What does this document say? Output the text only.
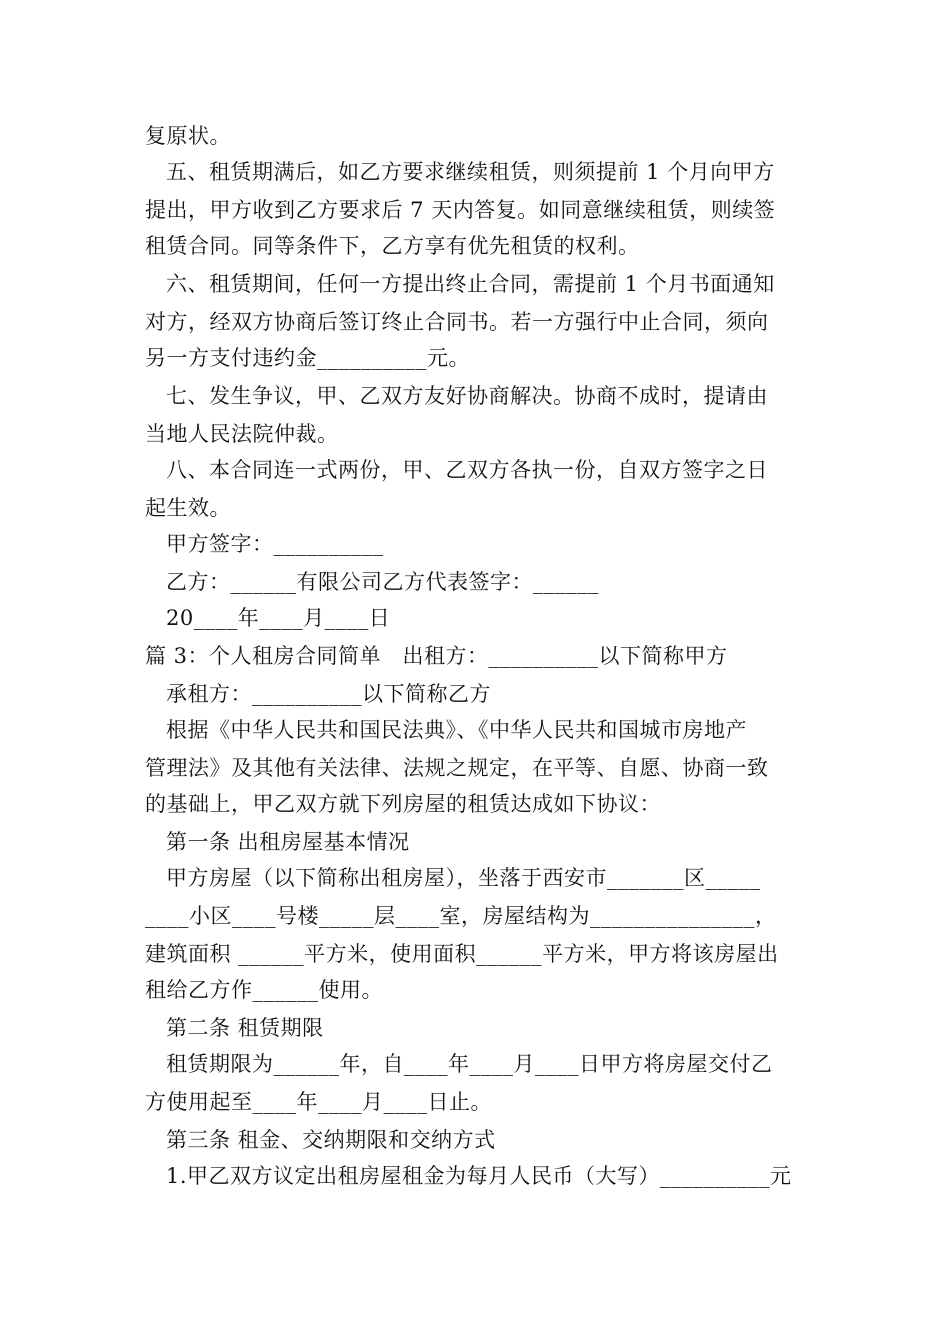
复原状。
五、租赁期满后，如乙方要求继续租赁，则须提前 1 个月向甲方
提出，甲方收到乙方要求后 7 天内答复。如同意继续租赁，则续签
租赁合同。同等条件下，乙方享有优先租赁的权利。
六、租赁期间，任何一方提出终止合同，需提前 1 个月书面通知
对方，经双方协商后签订终止合同书。若一方强行中止合同，须向
另一方支付违约金__________元。
七、发生争议，甲、乙双方友好协商解决。协商不成时，提请由
当地人民法院仲裁。
八、本合同连一式两份，甲、乙双方各执一份，自双方签字之日
起生效。
甲方签字：__________
乙方：______有限公司乙方代表签字：______
20____年____月____日
篇 3：个人租房合同简单　出租方：__________以下简称甲方
承租方：__________以下简称乙方
根据《中华人民共和国民法典》、《中华人民共和国城市房地产
管理法》及其他有关法律、法规之规定，在平等、自愿、协商一致
的基础上，甲乙双方就下列房屋的租赁达成如下协议：
第一条 出租房屋基本情况
甲方房屋（以下简称出租房屋），坐落于西安市_______区_____
____小区____号楼_____层____室，房屋结构为_______________，
建筑面积 ______平方米，使用面积______平方米，甲方将该房屋出
租给乙方作______使用。
第二条 租赁期限
租赁期限为______年，自____年____月____日甲方将房屋交付乙
方使用起至____年____月____日止。
第三条 租金、交纳期限和交纳方式
1.甲乙双方议定出租房屋租金为每月人民币（大写）__________元
